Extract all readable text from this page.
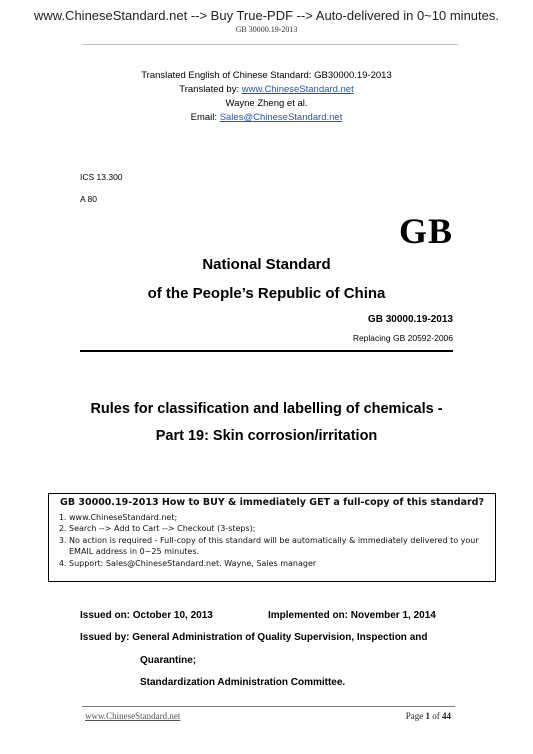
www.ChineseStandard.net --> Buy True-PDF --> Auto-delivered in 0~10 minutes.
GB 30000.19-2013
Translated English of Chinese Standard: GB30000.19-2013
Translated by: www.ChineseStandard.net
Wayne Zheng et al.
Email: Sales@ChineseStandard.net
ICS 13.300
A 80
GB
National Standard
of the People’s Republic of China
GB 30000.19-2013
Replacing GB 20592-2006
Rules for classification and labelling of chemicals -
Part 19: Skin corrosion/irritation
GB 30000.19-2013 How to BUY & immediately GET a full-copy of this standard?
1. www.ChineseStandard.net;
2. Search --> Add to Cart --> Checkout (3-steps);
3. No action is required - Full-copy of this standard will be automatically & immediately delivered to your EMAIL address in 0~25 minutes.
4. Support: Sales@ChineseStandard.net. Wayne, Sales manager
Issued on: October 10, 2013	Implemented on: November 1, 2014
Issued by: General Administration of Quality Supervision, Inspection and
Quarantine;
Standardization Administration Committee.
www.ChineseStandard.net	Page 1 of 44
